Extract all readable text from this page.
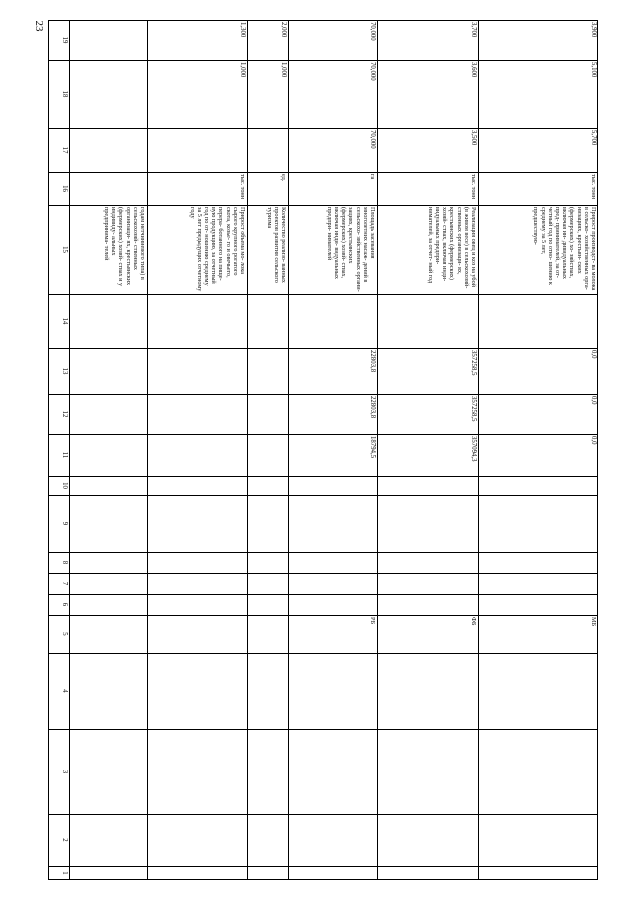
23
19
18
17
16
15
14
13
12
11
10
9
8
7
6
5
4
3
2
1
годам нетчиниевого типа) в сельскохозяй- ственных организаци- ях, крестьянских (фермерских) хозяй- ствах и у индивиду- альных предпринима- телей	Прирост объема мо- лока сырого крупного рогатого скота, козье- го и овечьего, перера- ботанного на пище- вую продукцию, за отчетный год по от- ношению среднему за 5 лет предыдущих отчетному году
тыс. тонн
1,000
1,300
Количество реализо- ванных проектов развития сельского туризма
ед.
1,000
2,000
РБ
18794,5
22803,8
22803,8
Площадь засевания многолетних насаж- дений в сельскохо- зяйственных органи- зациях, крестьянских (фермерских) хозяй- ствах, включая инди- видуальных предпри- нимателей
га
70,000
70,000
70,000
ФБ
357094,3
357258,5
357258,5
Реализация овец и коз на убой (в живом весе) в сельскохозяй- ственных организаци- ях, крестьянских (фермерских) хозяй- ствах, включая инди- видуальных предпри- нимателей, за отчет- ный год
тыс. тонн
3,500
3,600
3,700
МБ
0,0
0,0
0,0
Прирост производст- ва молока в сельско- хозяйственных орга- низациях, крестьян- ских (фермерских) хо- зяйствах, включая ин- дивидуальных пред- принимателей, за от- четный год по отно- шению к среднему за 5 лет, предшествую-
тыс. тонн
5,700
5,100
3,900
